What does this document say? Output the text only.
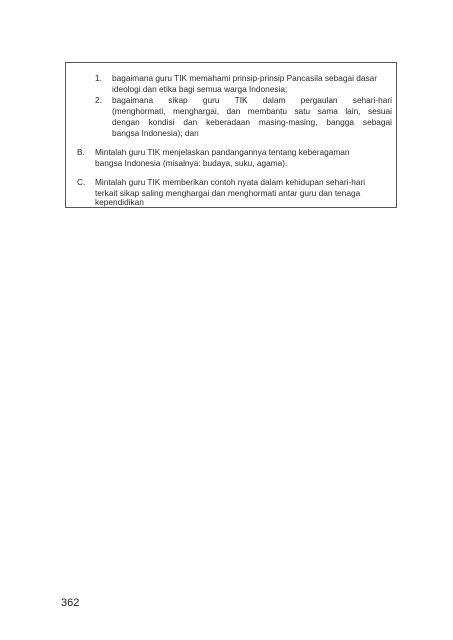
1. bagaimana guru TIK memahami prinsip-prinsip Pancasila sebagai dasar
ideologi dan etika bagi semua warga Indonesia;
2. bagaimana sikap guru TIK dalam pergaulan sehari-hari
(menghormati, menghargai, dan membantu satu sama lain, sesuai
dengan kondisi dan keberadaan masing-masing, bangga sebagai
bangsa Indonesia); dan
B. Mintalah guru TIK menjelaskan pandangannya tentang keberagaman
bangsa Indonesia (misalnya: budaya, suku, agama).
C. Mintalah guru TIK memberikan contoh nyata dalam kehidupan sehari-hari
terkait sikap saling menghargai dan menghormati antar guru dan tenaga
kependidikan
362
